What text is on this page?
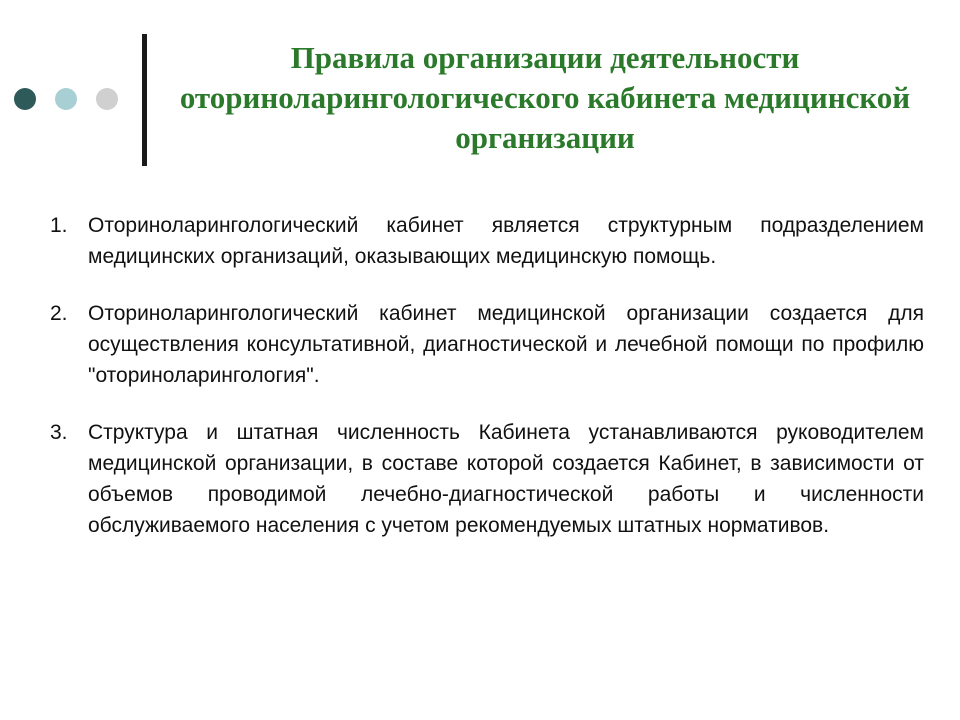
Правила организации деятельности оториноларингологического кабинета медицинской организации
1. Оториноларингологический кабинет является структурным подразделением медицинских организаций, оказывающих медицинскую помощь.
2. Оториноларингологический кабинет медицинской организации создается для осуществления консультативной, диагностической и лечебной помощи по профилю "оториноларингология".
3. Структура и штатная численность Кабинета устанавливаются руководителем медицинской организации, в составе которой создается Кабинет, в зависимости от объемов проводимой лечебно-диагностической работы и численности обслуживаемого населения с учетом рекомендуемых штатных нормативов.
